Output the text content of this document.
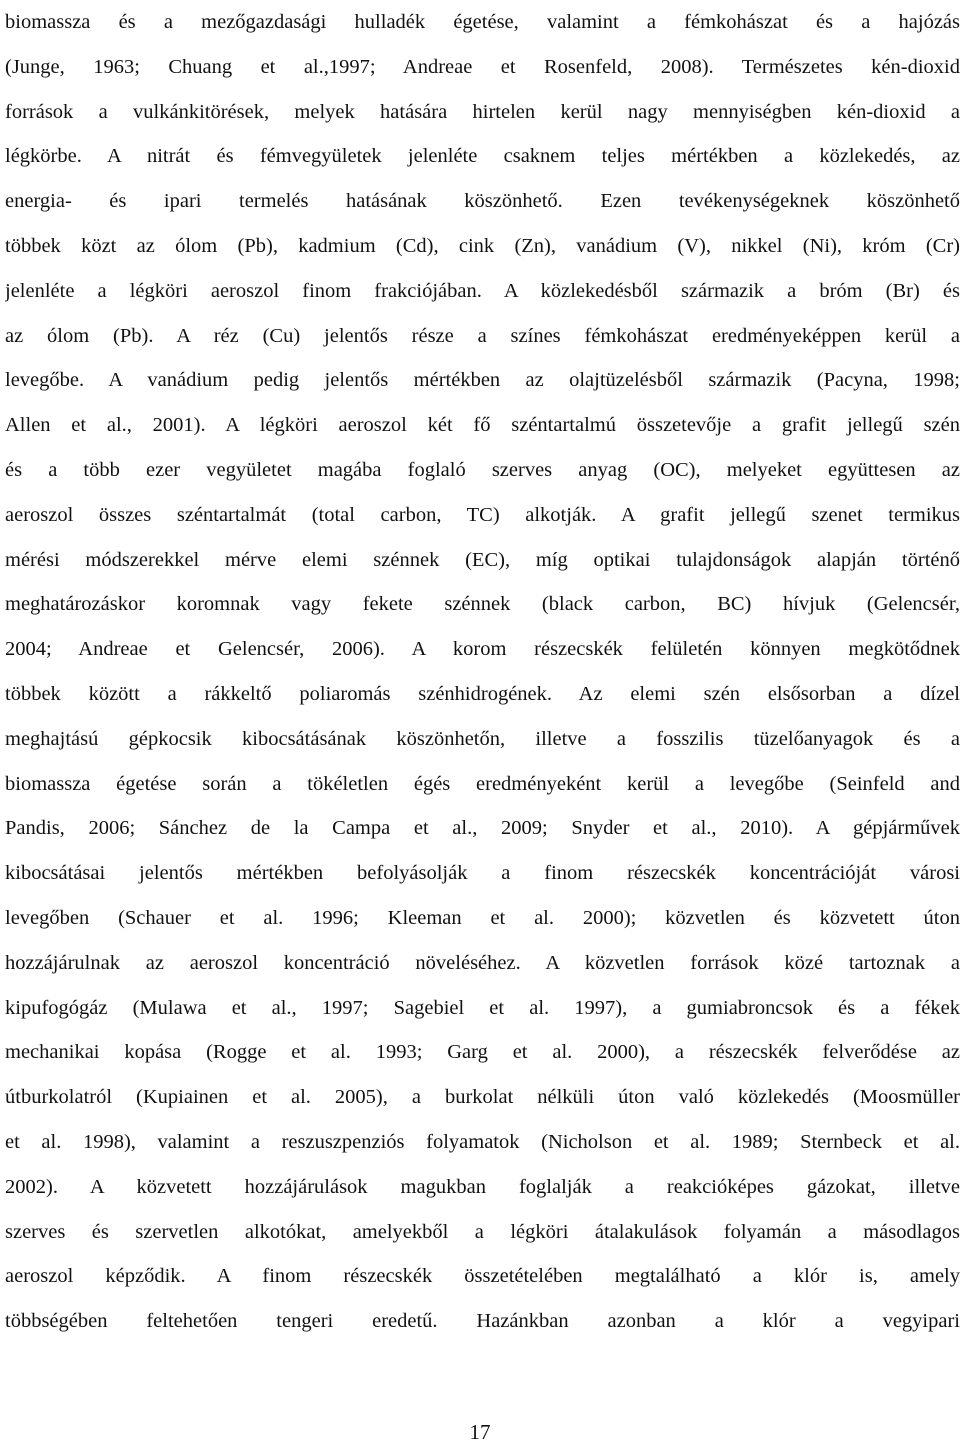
biomassza és a mezőgazdasági hulladék égetése, valamint a fémkohászat és a hajózás
(Junge, 1963; Chuang et al.,1997; Andreae et Rosenfeld, 2008). Természetes kén-dioxid
források a vulkánkitörések, melyek hatására hirtelen kerül nagy mennyiségben kén-dioxid a
légkörbe. A nitrát és fémvegyületek jelenléte csaknem teljes mértékben a közlekedés, az
energia- és ipari termelés hatásának köszönhető. Ezen tevékenységeknek köszönhető
többek közt az ólom (Pb), kadmium (Cd), cink (Zn), vanádium (V), nikkel (Ni), króm (Cr)
jelenléte a légköri aeroszol finom frakciójában. A közlekedésből származik a bróm (Br) és
az ólom (Pb). A réz (Cu) jelentős része a színes fémkohászat eredményeképpen kerül a
levegőbe. A vanádium pedig jelentős mértékben az olajtüzelésből származik (Pacyna, 1998;
Allen et al., 2001). A légköri aeroszol két fő széntartalmú összetevője a grafit jellegű szén
és a több ezer vegyületet magába foglaló szerves anyag (OC), melyeket együttesen az
aeroszol összes széntartalmát (total carbon, TC) alkotják. A grafit jellegű szenet termikus
mérési módszerekkel mérve elemi szénnek (EC), míg optikai tulajdonságok alapján történő
meghatározáskor koromnak vagy fekete szénnek (black carbon, BC) hívjuk (Gelencsér,
2004; Andreae et Gelencsér, 2006). A korom részecskék felületén könnyen megkötődnek
többek között a rákkeltő poliaromás szénhidrogének. Az elemi szén elsősorban a dízel
meghajtású gépkocsik kibocsátásának köszönhetőn, illetve a fosszilis tüzelőanyagok és a
biomassza égetése során a tökéletlen égés eredményeként kerül a levegőbe (Seinfeld and
Pandis, 2006; Sánchez de la Campa et al., 2009; Snyder et al., 2010). A gépjárművek
kibocsátásai jelentős mértékben befolyásolják a finom részecskék koncentrációját városi
levegőben (Schauer et al. 1996; Kleeman et al. 2000); közvetlen és közvetett úton
hozzájárulnak az aeroszol koncentráció növeléséhez. A közvetlen források közé tartoznak a
kipufogógáz (Mulawa et al., 1997; Sagebiel et al. 1997), a gumiabroncsok és a fékek
mechanikai kopása (Rogge et al. 1993; Garg et al. 2000), a részecskék felverődése az
útburkolatról (Kupiainen et al. 2005), a burkolat nélküli úton való közlekedés (Moosmüller
et al. 1998), valamint a reszuszpenziós folyamatok (Nicholson et al. 1989; Sternbeck et al.
2002). A közvetett hozzájárulások magukban foglalják a reakcióképes gázokat, illetve
szerves és szervetlen alkotókat, amelyekből a légköri átalakulások folyamán a másodlagos
aeroszol képződik. A finom részecskék összetételében megtalálható a klór is, amely
többségében feltehetően tengeri eredetű. Hazánkban azonban a klór a vegyipari
17
